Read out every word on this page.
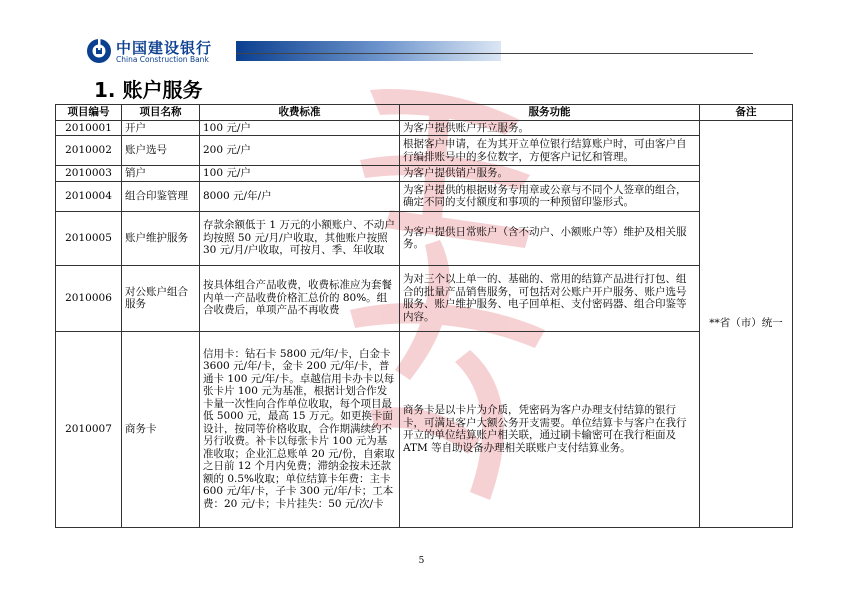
中国建设银行
China Construction Bank
1. 账户服务
项目编号	项目名称	收费标准	服务功能	备注
2010001	开户	100 元/户	为客户提供账户开立服务。	**省（市）统一
2010002	账户选号	200 元/户	根据客户申请，在为其开立单位银行结算账户时，可由客户自行编排账号中的多位数字，方便客户记忆和管理。	
2010003	销户	100 元/户	为客户提供销户服务。	
2010004	组合印鉴管理	8000 元/年/户	为客户提供的根据财务专用章或公章与不同个人签章的组合，确定不同的支付额度和事项的一种预留印鉴形式。	
2010005	账户维护服务	存款余额低于 1 万元的小额账户、不动户均按照 50 元/月/户收取，其他账户按照 30 元/月/户收取，可按月、季、年收取	为客户提供日常账户（含不动户、小额账户等）维护及相关服务。	
2010006	对公账户组合服务	按具体组合产品收费，收费标准应为套餐内单一产品收费价格汇总价的 80%。组合收费后，单项产品不再收费	为对三个以上单一的、基础的、常用的结算产品进行打包、组合的批量产品销售服务，可包括对公账户开户服务、账户选号服务、账户维护服务、电子回单柜、支付密码器、组合印鉴等内容。	
2010007	商务卡	信用卡：钻石卡 5800 元/年/卡，白金卡 3600 元/年/卡，金卡 200 元/年/卡，普通卡 100 元/年/卡。卓越信用卡办卡以每张卡片 100 元为基准，根据计划合作发卡量一次性向合作单位收取，每个项目最低 5000 元，最高 15 万元。如更换卡面设计，按同等价格收取，合作期满续约不另行收费。补卡以每张卡片 100 元为基准收取；企业汇总账单 20 元/份，自索取之日前 12 个月内免费；滞纳金按未还款额的 0.5%收取；单位结算卡年费：主卡 600 元/年/卡，子卡 300 元/年/卡；工本费：20 元/卡；卡片挂失：50 元/次/卡	商务卡是以卡片为介质，凭密码为客户办理支付结算的银行卡，可满足客户大额公务开支需要。单位结算卡与客户在我行开立的单位结算账户相关联，通过刷卡输密可在我行柜面及 ATM 等自助设备办理相关联账户支付结算业务。	
5
